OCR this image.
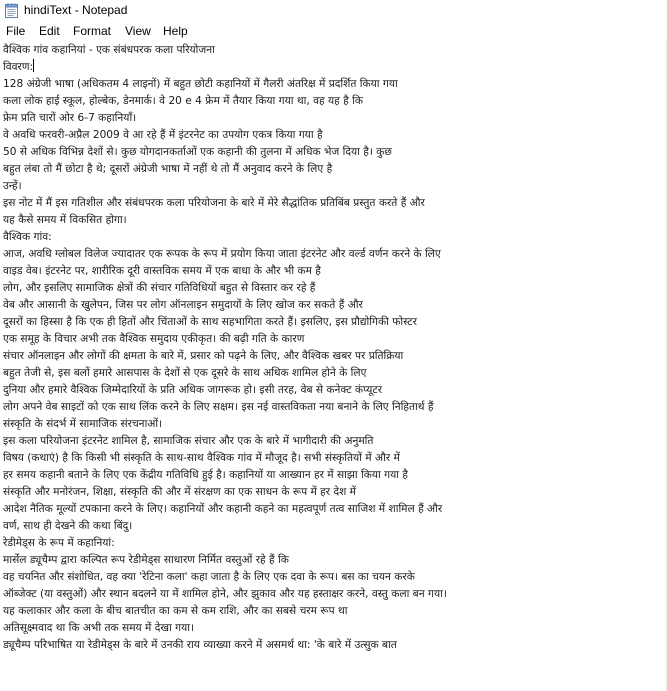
hindiText - Notepad
File Edit Format View Help
वैश्विक गांव कहानियां - एक संबंधपरक कला परियोजना
विवरण:
128 अंग्रेजी भाषा (अधिकतम 4 लाइनों) में बहुत छोटी कहानियों में गैलरी अंतरिक्ष में प्रदर्शित किया गया
कला लोक हाई स्कूल, होल्बेक, डेनमार्क। वे 20 e 4 फ्रेम में तैयार किया गया था, वह यह है कि
फ्रेम प्रति चारों ओर 6-7 कहानियाँ।
वे अवधि फरवरी-अप्रैल 2009 वे आ रहे हैं में इंटरनेट का उपयोग एकत्र किया गया है
50 से अधिक विभिन्न देशों से। कुछ योगदानकर्ताओं एक कहानी की तुलना में अधिक भेज दिया है। कुछ
बहुत लंबा तो मैं छोटा है थे; दूसरों अंग्रेजी भाषा में नहीं थे तो मैं अनुवाद करने के लिए है
उन्हें।
इस नोट में मैं इस गतिशील और संबंधपरक कला परियोजना के बारे में मेरे सैद्धांतिक प्रतिबिंब प्रस्तुत करते हैं और
यह कैसे समय में विकसित होगा।
वैश्विक गांव:
आज, अवधि ग्लोबल विलेज ज्यादातर एक रूपक के रूप में प्रयोग किया जाता इंटरनेट और वर्ल्ड वर्णन करने के लिए
वाइड वेब। इंटरनेट पर, शारीरिक दूरी वास्तविक समय में एक बाधा के और भी कम है
लोग, और इसलिए सामाजिक क्षेत्रों की संचार गतिविधियों बहुत से विस्तार कर रहे हैं
वेब और आसानी के खुलेपन, जिस पर लोग ऑनलाइन समुदायों के लिए खोज कर सकते हैं और
दूसरों का हिस्सा है कि एक ही हितों और चिंताओं के साथ सहभागिता करते हैं। इसलिए, इस प्रौद्योगिकी फोस्टर
एक समूह के विचार अभी तक वैश्विक समुदाय एकीकृत। की बढ़ी गति के कारण
संचार ऑनलाइन और लोगों की क्षमता के बारे में, प्रसार को पढ़ने के लिए, और वैश्विक खबर पर प्रतिक्रिया
बहुत तेजी से, इस बलों हमारे आसपास के देशों से एक दूसरे के साथ अधिक शामिल होने के लिए
दुनिया और हमारे वैश्विक जिम्मेदारियों के प्रति अधिक जागरूक हो। इसी तरह, वेब से कनेक्ट कंप्यूटर
लोग अपने वेब साइटों को एक साथ लिंक करने के लिए सक्षम। इस नई वास्तविकता नया बनाने के लिए निहितार्थ हैं
संस्कृति के संदर्भ में सामाजिक संरचनाओं।
इस कला परियोजना इंटरनेट शामिल है, सामाजिक संचार और एक के बारे में भागीदारी की अनुमति
विषय (कथाएं) है कि किसी भी संस्कृति के साथ-साथ वैश्विक गांव में मौजूद है। सभी संस्कृतियों में और में
हर समय कहानी बताने के लिए एक केंद्रीय गतिविधि हुई है। कहानियों या आख्यान हर में साझा किया गया है
संस्कृति और मनोरंजन, शिक्षा, संस्कृति की और में संरक्षण का एक साधन के रूप में हर देश में
आदेश नैतिक मूल्यों टपकाना करने के लिए। कहानियों और कहानी कहने का महत्वपूर्ण तत्व साजिश में शामिल हैं और
वर्ण, साथ ही देखने की कथा बिंदु।
रेडीमेड्स के रूप में कहानियां:
मार्सेल ड्यूचैम्प द्वारा कल्पित रूप रेडीमेड्स साधारण निर्मित वस्तुओं रहे हैं कि
वह चयनित और संशोधित, वह क्या 'रेटिना कला' कहा जाता है के लिए एक दवा के रूप। बस का चयन करके
ऑब्जेक्ट (या वस्तुओं) और स्थान बदलने या में शामिल होने, और झुकाव और यह हस्ताक्षर करने, वस्तु कला बन गया।
यह कलाकार और कला के बीच बातचीत का कम से कम राशि, और का सबसे चरम रूप था
अतिसूक्ष्मवाद था कि अभी तक समय में देखा गया।
ड्यूचैम्प परिभाषित या रेडीमेड्स के बारे में उनकी राय व्याख्या करने में असमर्थ था: 'के बारे में उत्सुक बात
